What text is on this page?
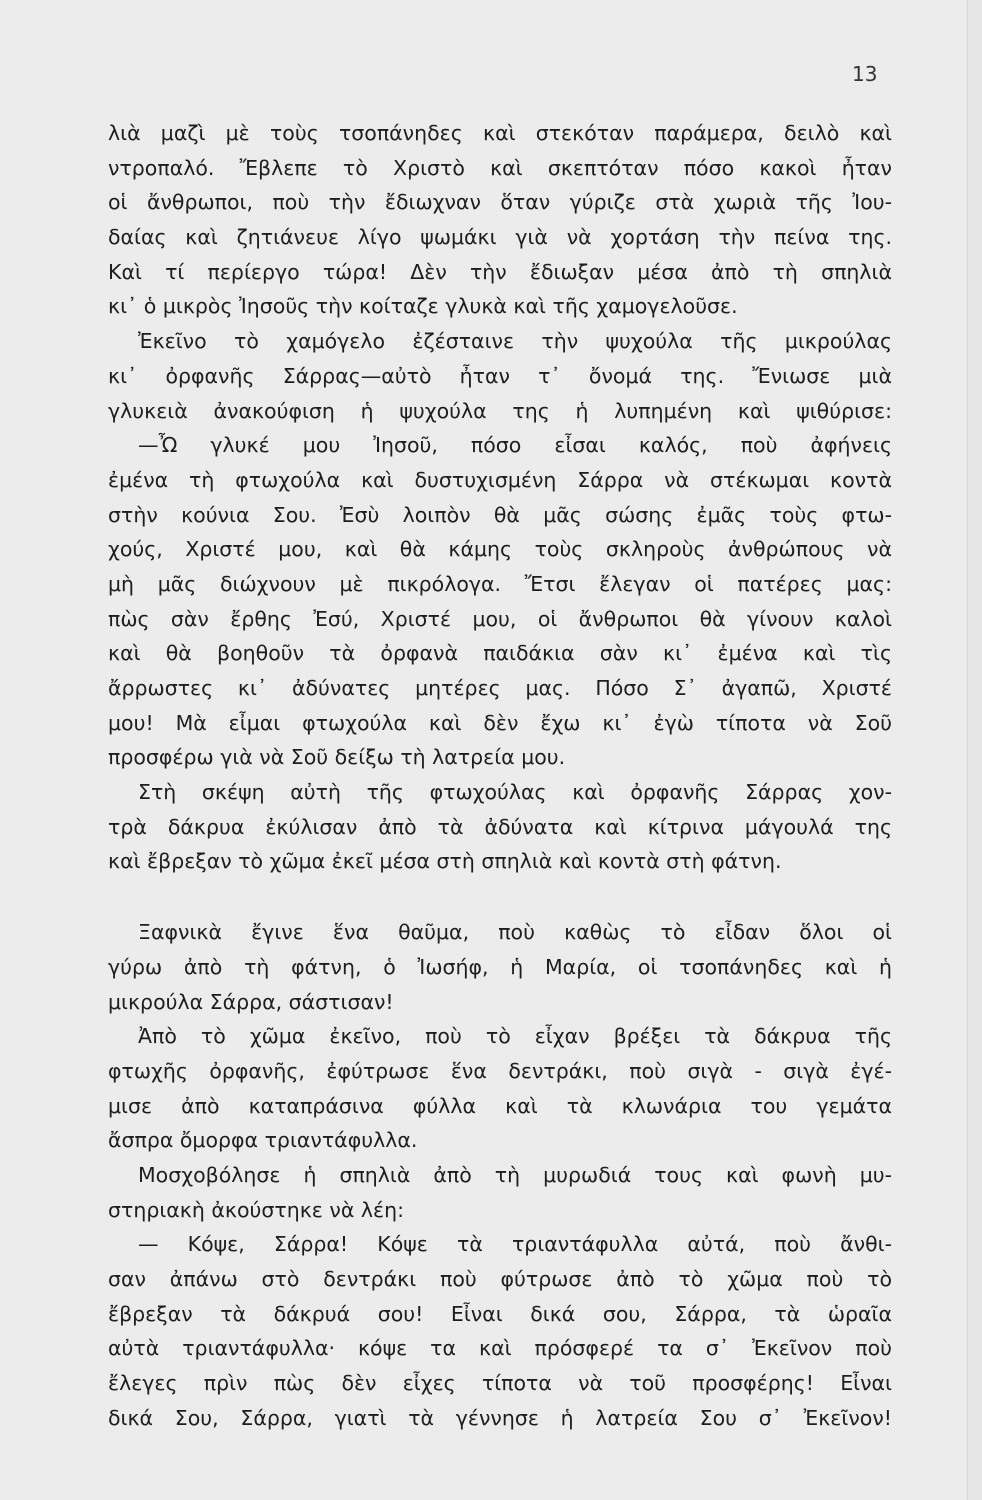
13
λιὰ μαζὶ μὲ τοὺς τσοπάνηδες καὶ στεκόταν παράμερα, δειλὸ καὶ
ντροπαλό. Ἔβλεπε τὸ Χριστὸ καὶ σκεπτόταν πόσο κακοὶ ἦταν
οἱ ἄνθρωποι, ποὺ τὴν ἔδιωχναν ὅταν γύριζε στὰ χωριὰ τῆς Ἰου-
δαίας καὶ ζητιάνευε λίγο ψωμάκι γιὰ νὰ χορτάση τὴν πείνα της.
Καὶ τί περίεργο τώρα! Δὲν τὴν ἔδιωξαν μέσα ἀπὸ τὴ σπηλιὰ
κι᾽ ὁ μικρὸς Ἰησοῦς τὴν κοίταζε γλυκὰ καὶ τῆς χαμογελοῦσε.
Ἐκεῖνο τὸ χαμόγελο ἐζέσταινε τὴν ψυχούλα τῆς μικρούλας
κι᾽ ὀρφανῆς Σάρρας—αὐτὸ ἦταν τ᾽ ὄνομά της. Ἔνιωσε μιὰ
γλυκειὰ ἀνακούφιση ἡ ψυχούλα της ἡ λυπημένη καὶ ψιθύρισε:
—Ὦ γλυκέ μου Ἰησοῦ, πόσο εἶσαι καλός, ποὺ ἀφήνεις
ἐμένα τὴ φτωχούλα καὶ δυστυχισμένη Σάρρα νὰ στέκωμαι κοντὰ
στὴν κούνια Σου. Ἐσὺ λοιπὸν θὰ μᾶς σώσης ἐμᾶς τοὺς φτω-
χούς, Χριστέ μου, καὶ θὰ κάμης τοὺς σκληροὺς ἀνθρώπους νὰ
μὴ μᾶς διώχνουν μὲ πικρόλογα. Ἔτσι ἔλεγαν οἱ πατέρες μας:
πὼς σὰν ἔρθης Ἐσύ, Χριστέ μου, οἱ ἄνθρωποι θὰ γίνουν καλοὶ
καὶ θὰ βοηθοῦν τὰ ὀρφανὰ παιδάκια σὰν κι᾽ ἐμένα καὶ τὶς
ἄρρωστες κι᾽ ἀδύνατες μητέρες μας. Πόσο Σ᾽ ἀγαπῶ, Χριστέ
μου! Μὰ εἶμαι φτωχούλα καὶ δὲν ἔχω κι᾽ ἐγὼ τίποτα νὰ Σοῦ
προσφέρω γιὰ νὰ Σοῦ δείξω τὴ λατρεία μου.
Στὴ σκέψη αὐτὴ τῆς φτωχούλας καὶ ὀρφανῆς Σάρρας χον-
τρὰ δάκρυα ἐκύλισαν ἀπὸ τὰ ἀδύνατα καὶ κίτρινα μάγουλά της
καὶ ἔβρεξαν τὸ χῶμα ἐκεῖ μέσα στὴ σπηλιὰ καὶ κοντὰ στὴ φάτνη.
Ξαφνικὰ ἔγινε ἕνα θαῦμα, ποὺ καθὼς τὸ εἶδαν ὅλοι οἱ
γύρω ἀπὸ τὴ φάτνη, ὁ Ἰωσήφ, ἡ Μαρία, οἱ τσοπάνηδες καὶ ἡ
μικρούλα Σάρρα, σάστισαν!
Ἀπὸ τὸ χῶμα ἐκεῖνο, ποὺ τὸ εἶχαν βρέξει τὰ δάκρυα τῆς
φτωχῆς ὀρφανῆς, ἐφύτρωσε ἕνα δεντράκι, ποὺ σιγὰ - σιγὰ ἐγέ-
μισε ἀπὸ καταπράσινα φύλλα καὶ τὰ κλωνάρια του γεμάτα
ἄσπρα ὄμορφα τριαντάφυλλα.
Μοσχοβόλησε ἡ σπηλιὰ ἀπὸ τὴ μυρωδιά τους καὶ φωνὴ μυ-
στηριακὴ ἀκούστηκε νὰ λέη:
— Κόψε, Σάρρα! Κόψε τὰ τριαντάφυλλα αὐτά, ποὺ ἄνθι-
σαν ἀπάνω στὸ δεντράκι ποὺ φύτρωσε ἀπὸ τὸ χῶμα ποὺ τὸ
ἔβρεξαν τὰ δάκρυά σου! Εἶναι δικά σου, Σάρρα, τὰ ὡραῖα
αὐτὰ τριαντάφυλλα· κόψε τα καὶ πρόσφερέ τα σ᾽ Ἐκεῖνον ποὺ
ἔλεγες πρὶν πὼς δὲν εἶχες τίποτα νὰ τοῦ προσφέρης! Εἶναι
δικά Σου, Σάρρα, γιατὶ τὰ γέννησε ἡ λατρεία Σου σ᾽ Ἐκεῖνον!
